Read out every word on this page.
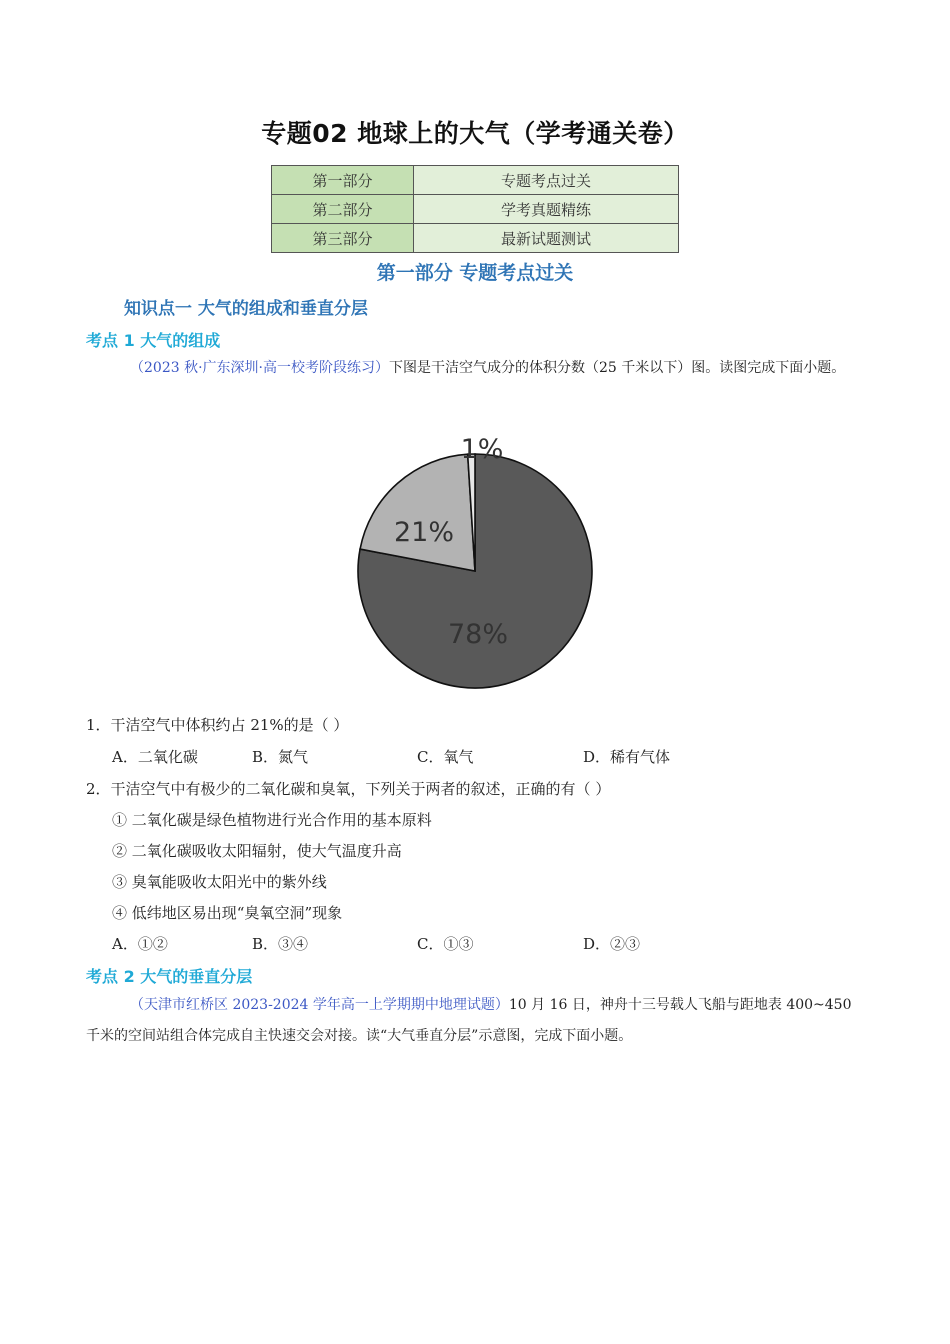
专题02 地球上的大气（学考通关卷）
第一部分	专题考点过关
第二部分	学考真题精练
第三部分	最新试题测试
第一部分 专题考点过关
知识点一 大气的组成和垂直分层
考点 1 大气的组成
（2023 秋·广东深圳·高一校考阶段练习）下图是干洁空气成分的体积分数（25 千米以下）图。读图完成下面小题。
78%
21%
1%
1．干洁空气中体积约占 21%的是（ ）
A．二氧化碳	B．氮气	C．氧气	D．稀有气体
2．干洁空气中有极少的二氧化碳和臭氧，下列关于两者的叙述，正确的有（ ）
① 二氧化碳是绿色植物进行光合作用的基本原料
② 二氧化碳吸收太阳辐射，使大气温度升高
③ 臭氧能吸收太阳光中的紫外线
④ 低纬地区易出现“臭氧空洞”现象
A．①②	B．③④	C．①③	D．②③
考点 2 大气的垂直分层
（天津市红桥区 2023-2024 学年高一上学期期中地理试题）10 月 16 日，神舟十三号载人飞船与距地表 400~450 千米的空间站组合体完成自主快速交会对接。读“大气垂直分层”示意图，完成下面小题。
